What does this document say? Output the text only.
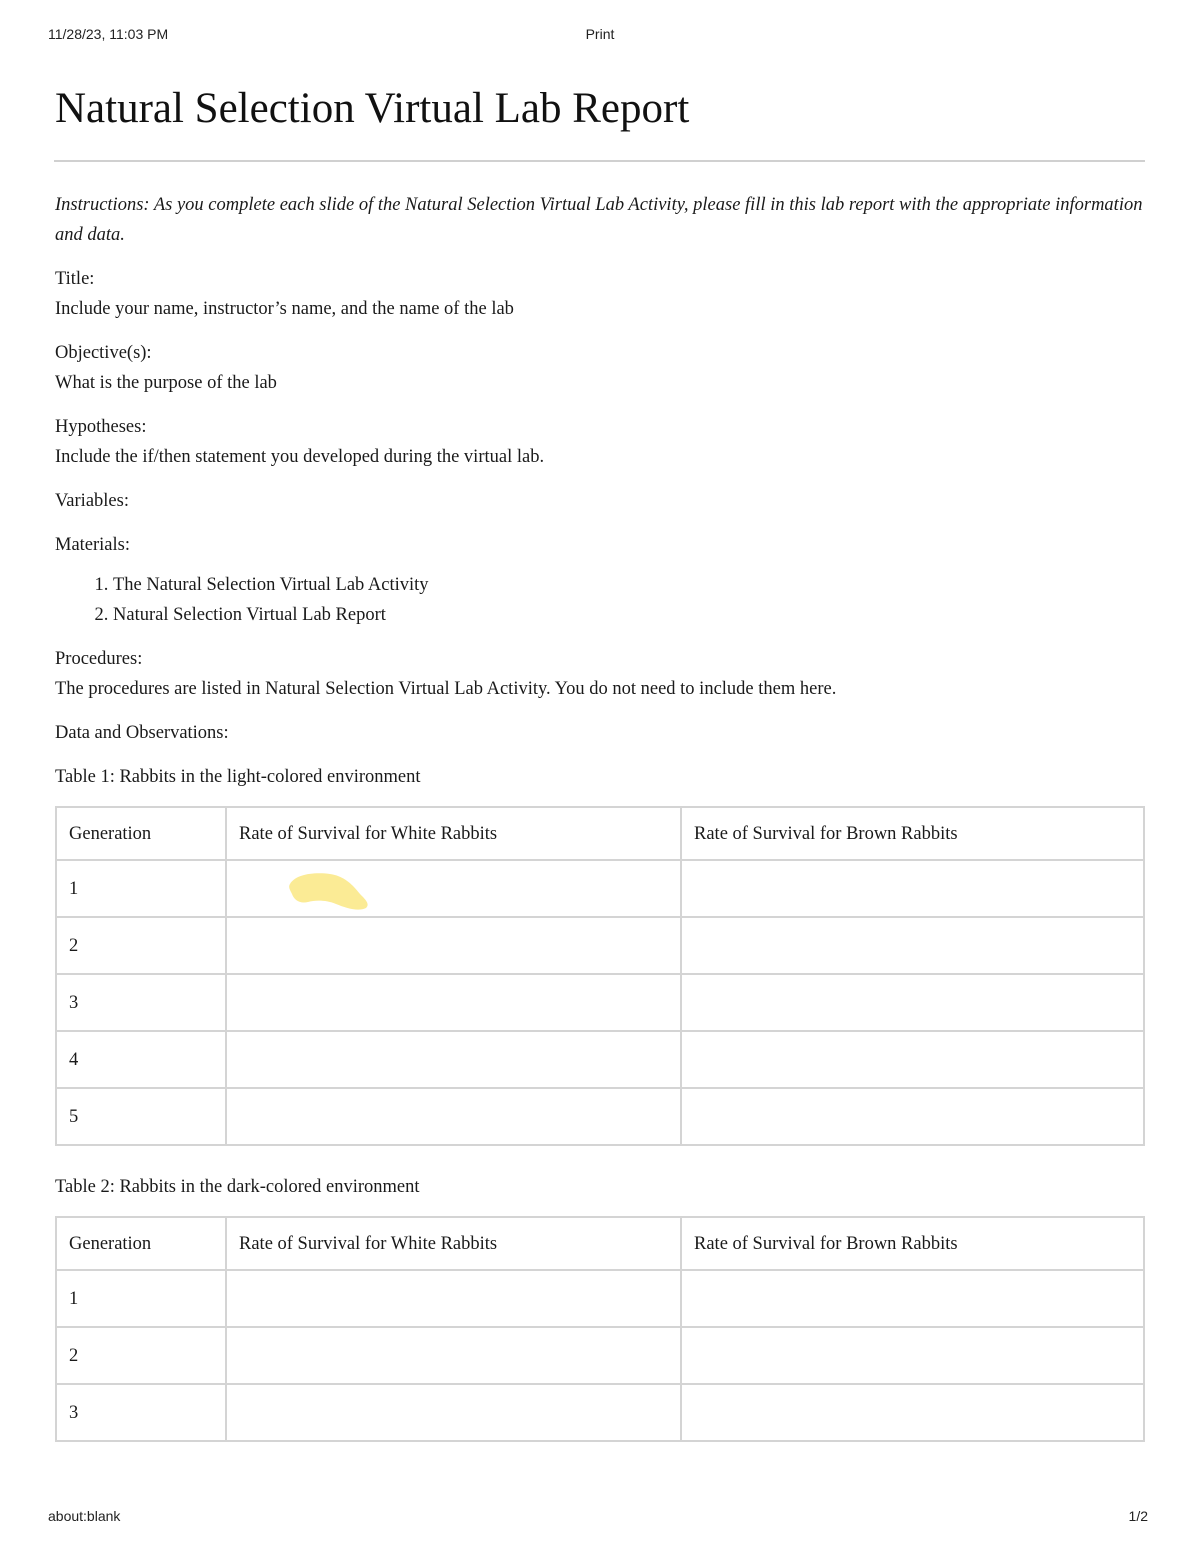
11/28/23, 11:03 PM	Print
Natural Selection Virtual Lab Report

Instructions: As you complete each slide of the Natural Selection Virtual Lab Activity, please fill in this lab report with the appropriate information and data.

Title:

Include your name, instructor’s name, and the name of the lab

Objective(s):

What is the purpose of the lab

Hypotheses:

Include the if/then statement you developed during the virtual lab.

Variables:

Materials:

1. The Natural Selection Virtual Lab Activity
2. Natural Selection Virtual Lab Report

Procedures:

The procedures are listed in Natural Selection Virtual Lab Activity. You do not need to include them here.

Data and Observations:

Table 1: Rabbits in the light-colored environment

Generation	Rate of Survival for White Rabbits	Rate of Survival for Brown Rabbits
1		
2		
3		
4		
5		

Table 2: Rabbits in the dark-colored environment

Generation	Rate of Survival for White Rabbits	Rate of Survival for Brown Rabbits
1		
2		
3		
about:blank	1/2
